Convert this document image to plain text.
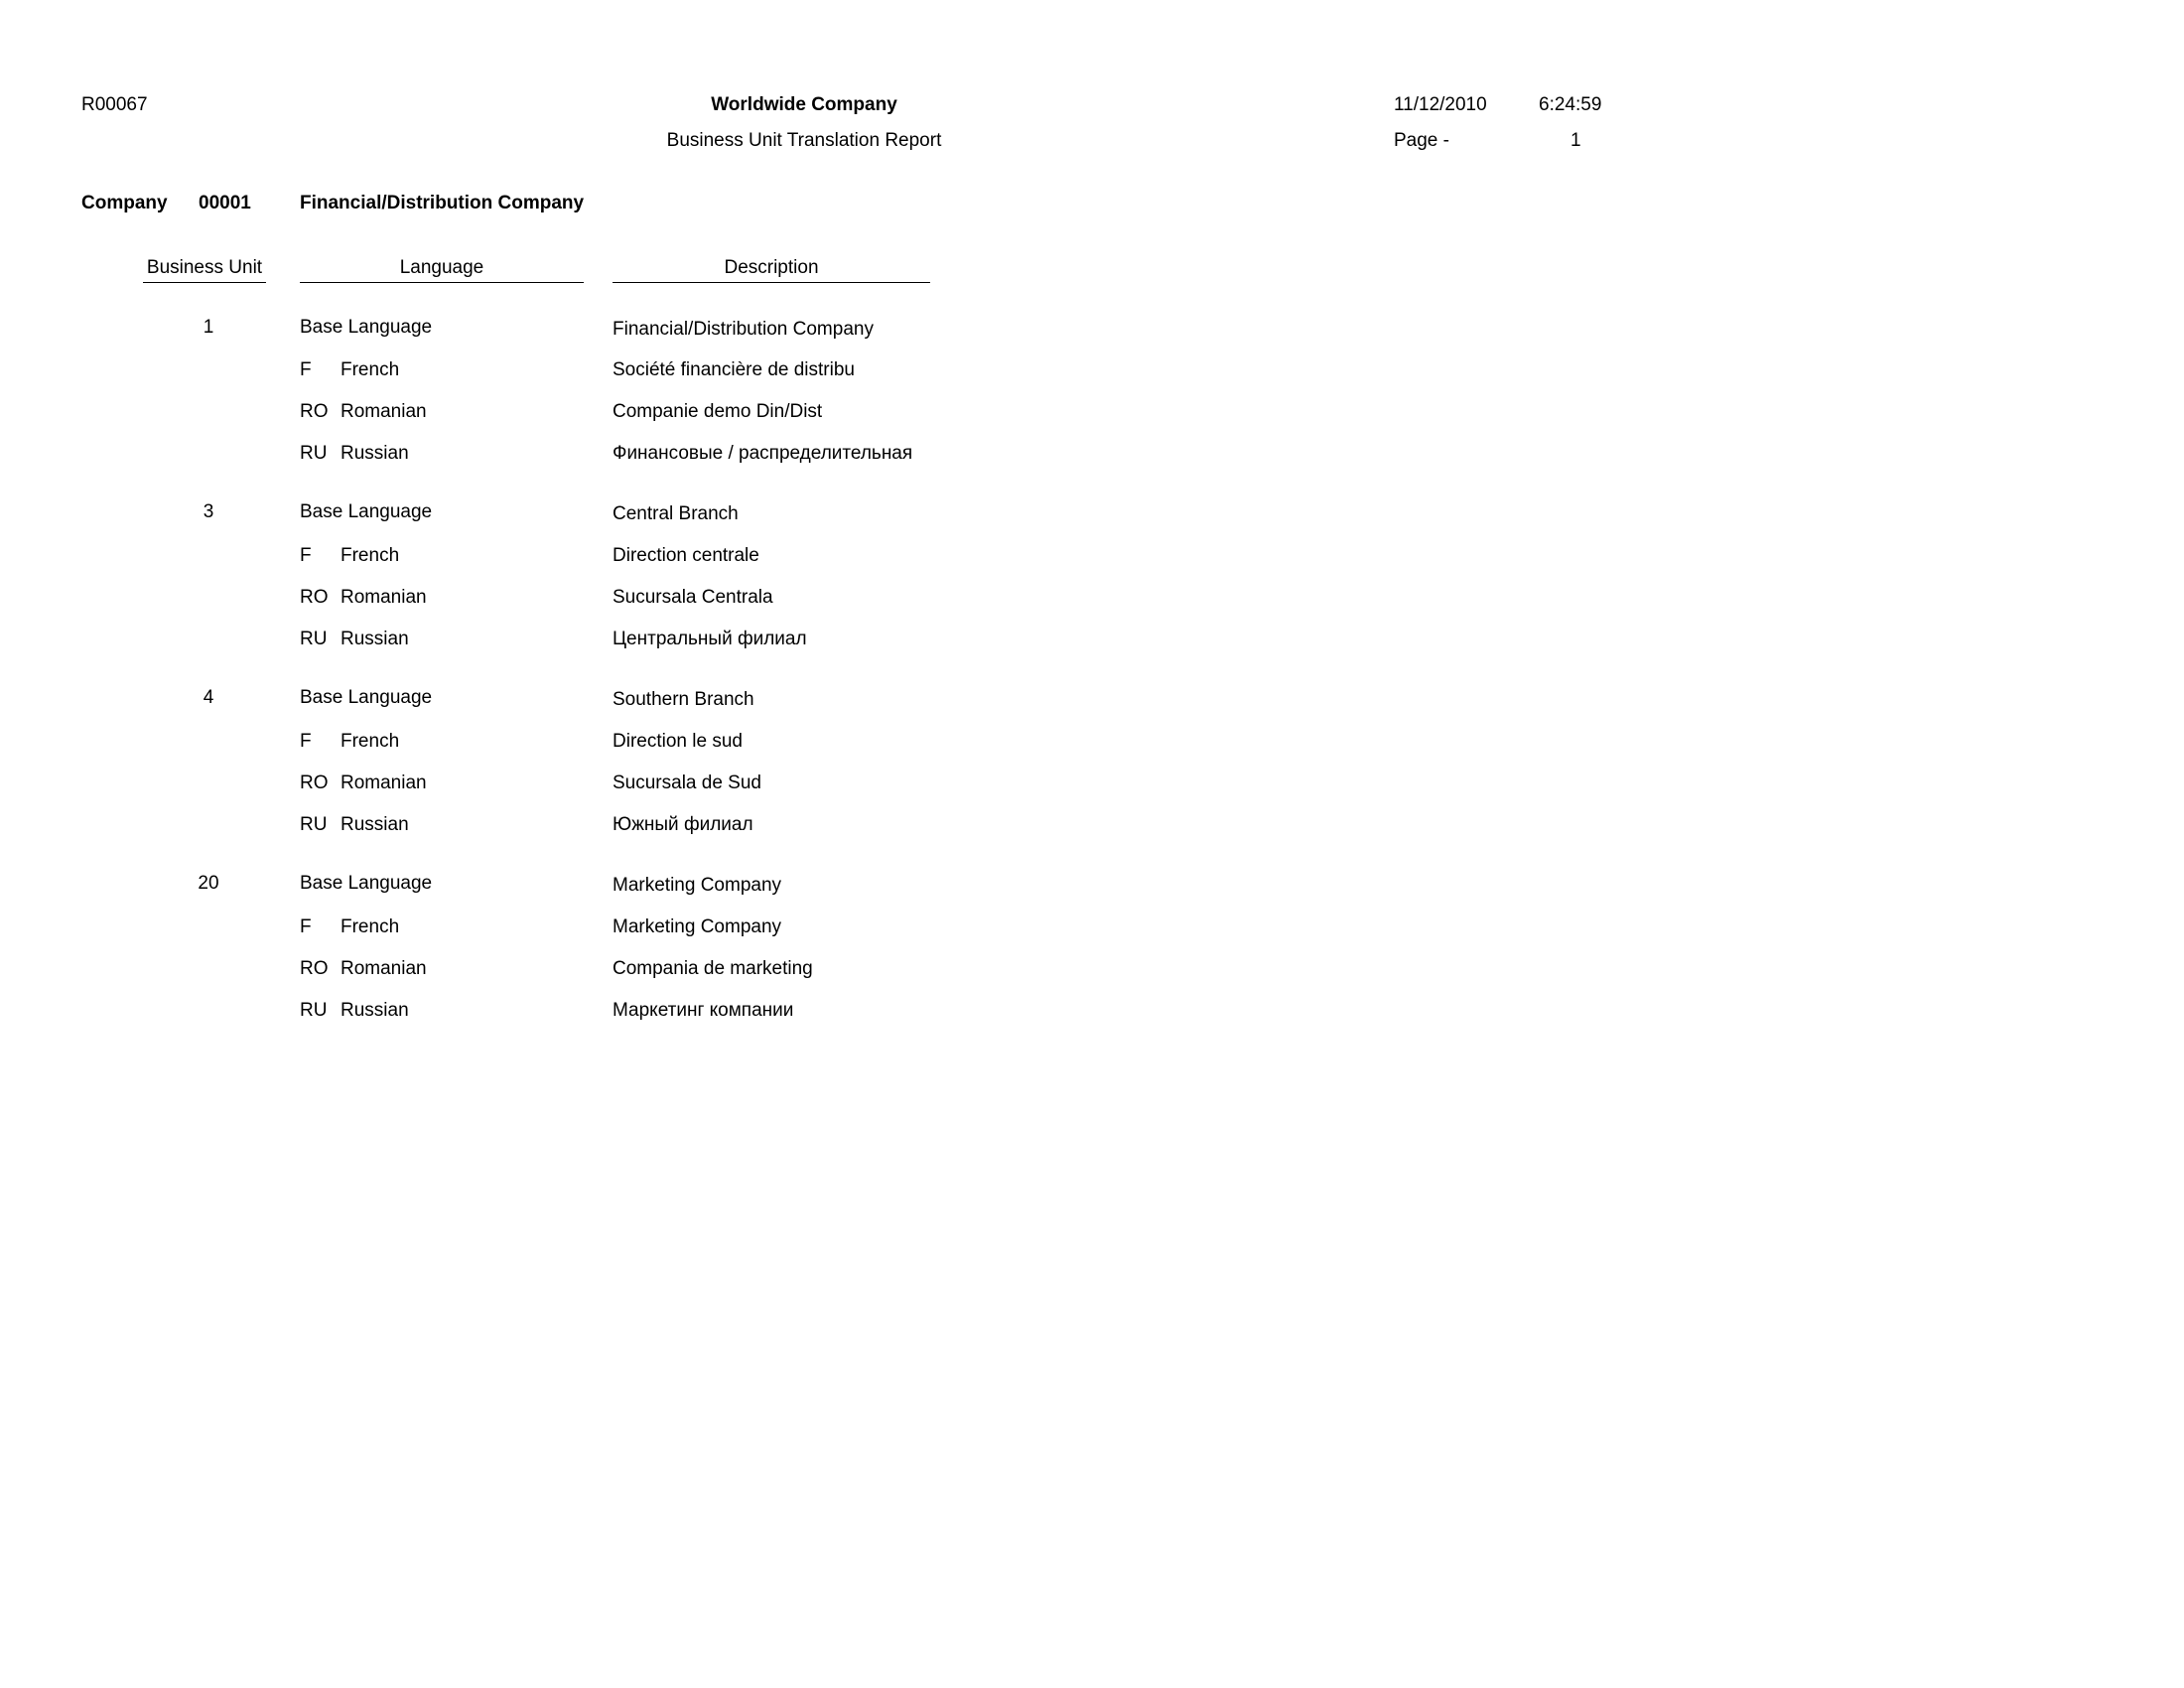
R00067	Worldwide Company
Business Unit Translation Report
11/12/2010	6:24:59
Page -	1
Company 00001	Financial/Distribution Company
Business Unit	Language	Description
1	Base Language	Financial/Distribution Company
F French	Société financière de distribu
RO Romanian	Companie demo Din/Dist
RU Russian	Финансовые / распределительная
3	Base Language	Central Branch
F French	Direction centrale
RO Romanian	Sucursala Centrala
RU Russian	Центральный филиал
4	Base Language	Southern Branch
F French	Direction le sud
RO Romanian	Sucursala de Sud
RU Russian	Южный филиал
20	Base Language	Marketing Company
F French	Marketing Company
RO Romanian	Compania de marketing
RU Russian	Маркетинг компании
